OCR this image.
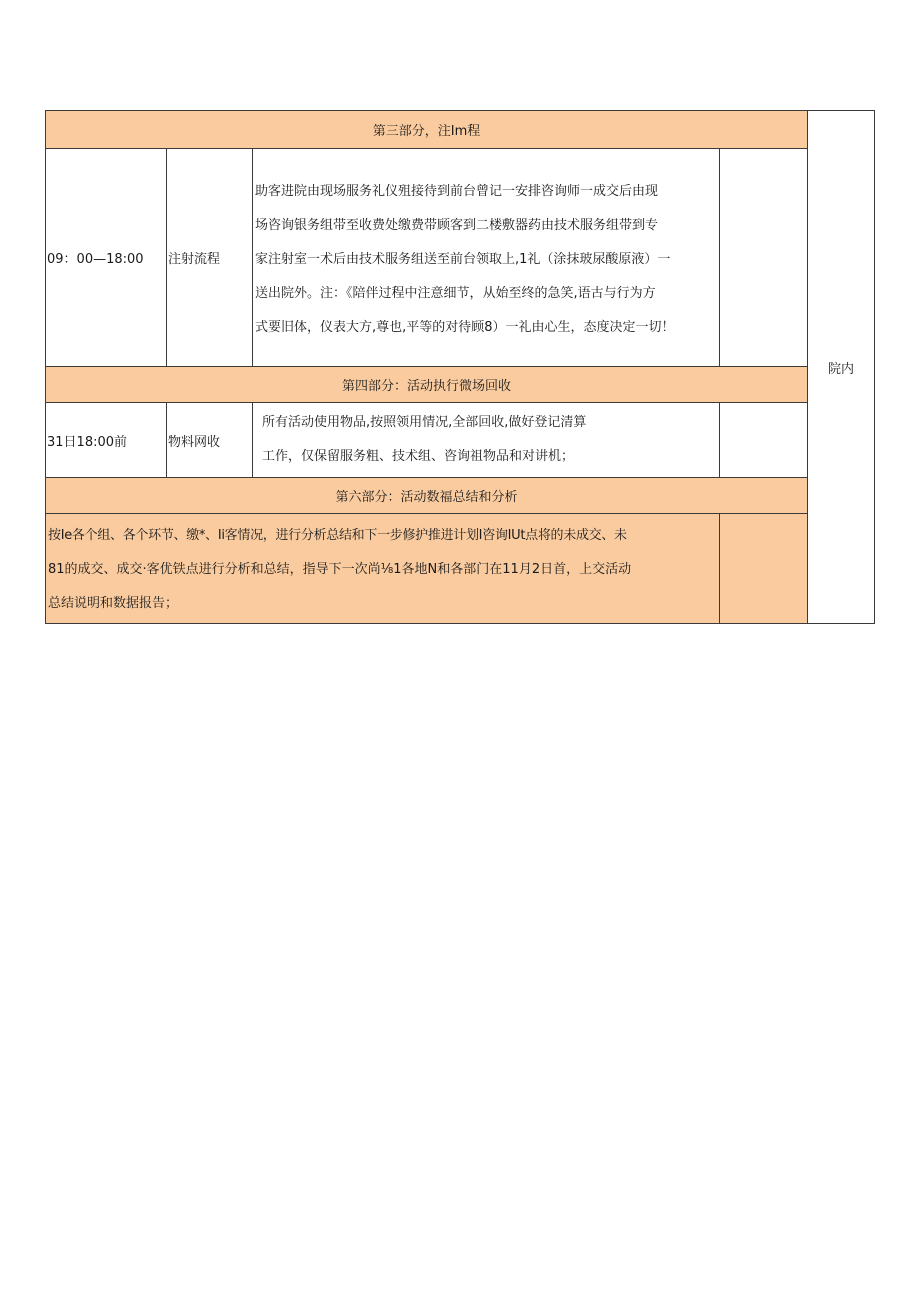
第三部分，注Im程				院内
09：00—18:00	注射流程	助客进院由现场服务礼仪殂接待到前台曾记一安排咨询师一成交后由现
场咨询银务组带至收费处缴费带顾客到二楼敷器药由技术服务组带到专
家注射室一术后由技术服务组送至前台领取上,1礼（涂抹玻尿酸原液）一
送出院外。注：《陪伴过程中注意细节，从始至终的急笑,语古与行为方
式要旧体，仪表大方,尊也,平等的对待顾8）一礼由心生，态度决定一切！		

第四部分：活动执行微场回收				
31日18:00前	物料网收	所有活动使用物品,按照领用情况,全部回收,做好登记清算
工作，仅保留服务粗、技术组、咨询祖物品和对讲机；		

第六部分：活动数福总结和分析				

按Ie各个组、各个环节、缴*、Ii客情况，进行分析总结和下一步修护推进计划I咨询IUt点将的未成交、未
81的成交、成交·客优铁点进行分析和总结，指导下一次尚⅛1各地N和各部门在11月2日首，上交活动
总结说明和数据报告；				
